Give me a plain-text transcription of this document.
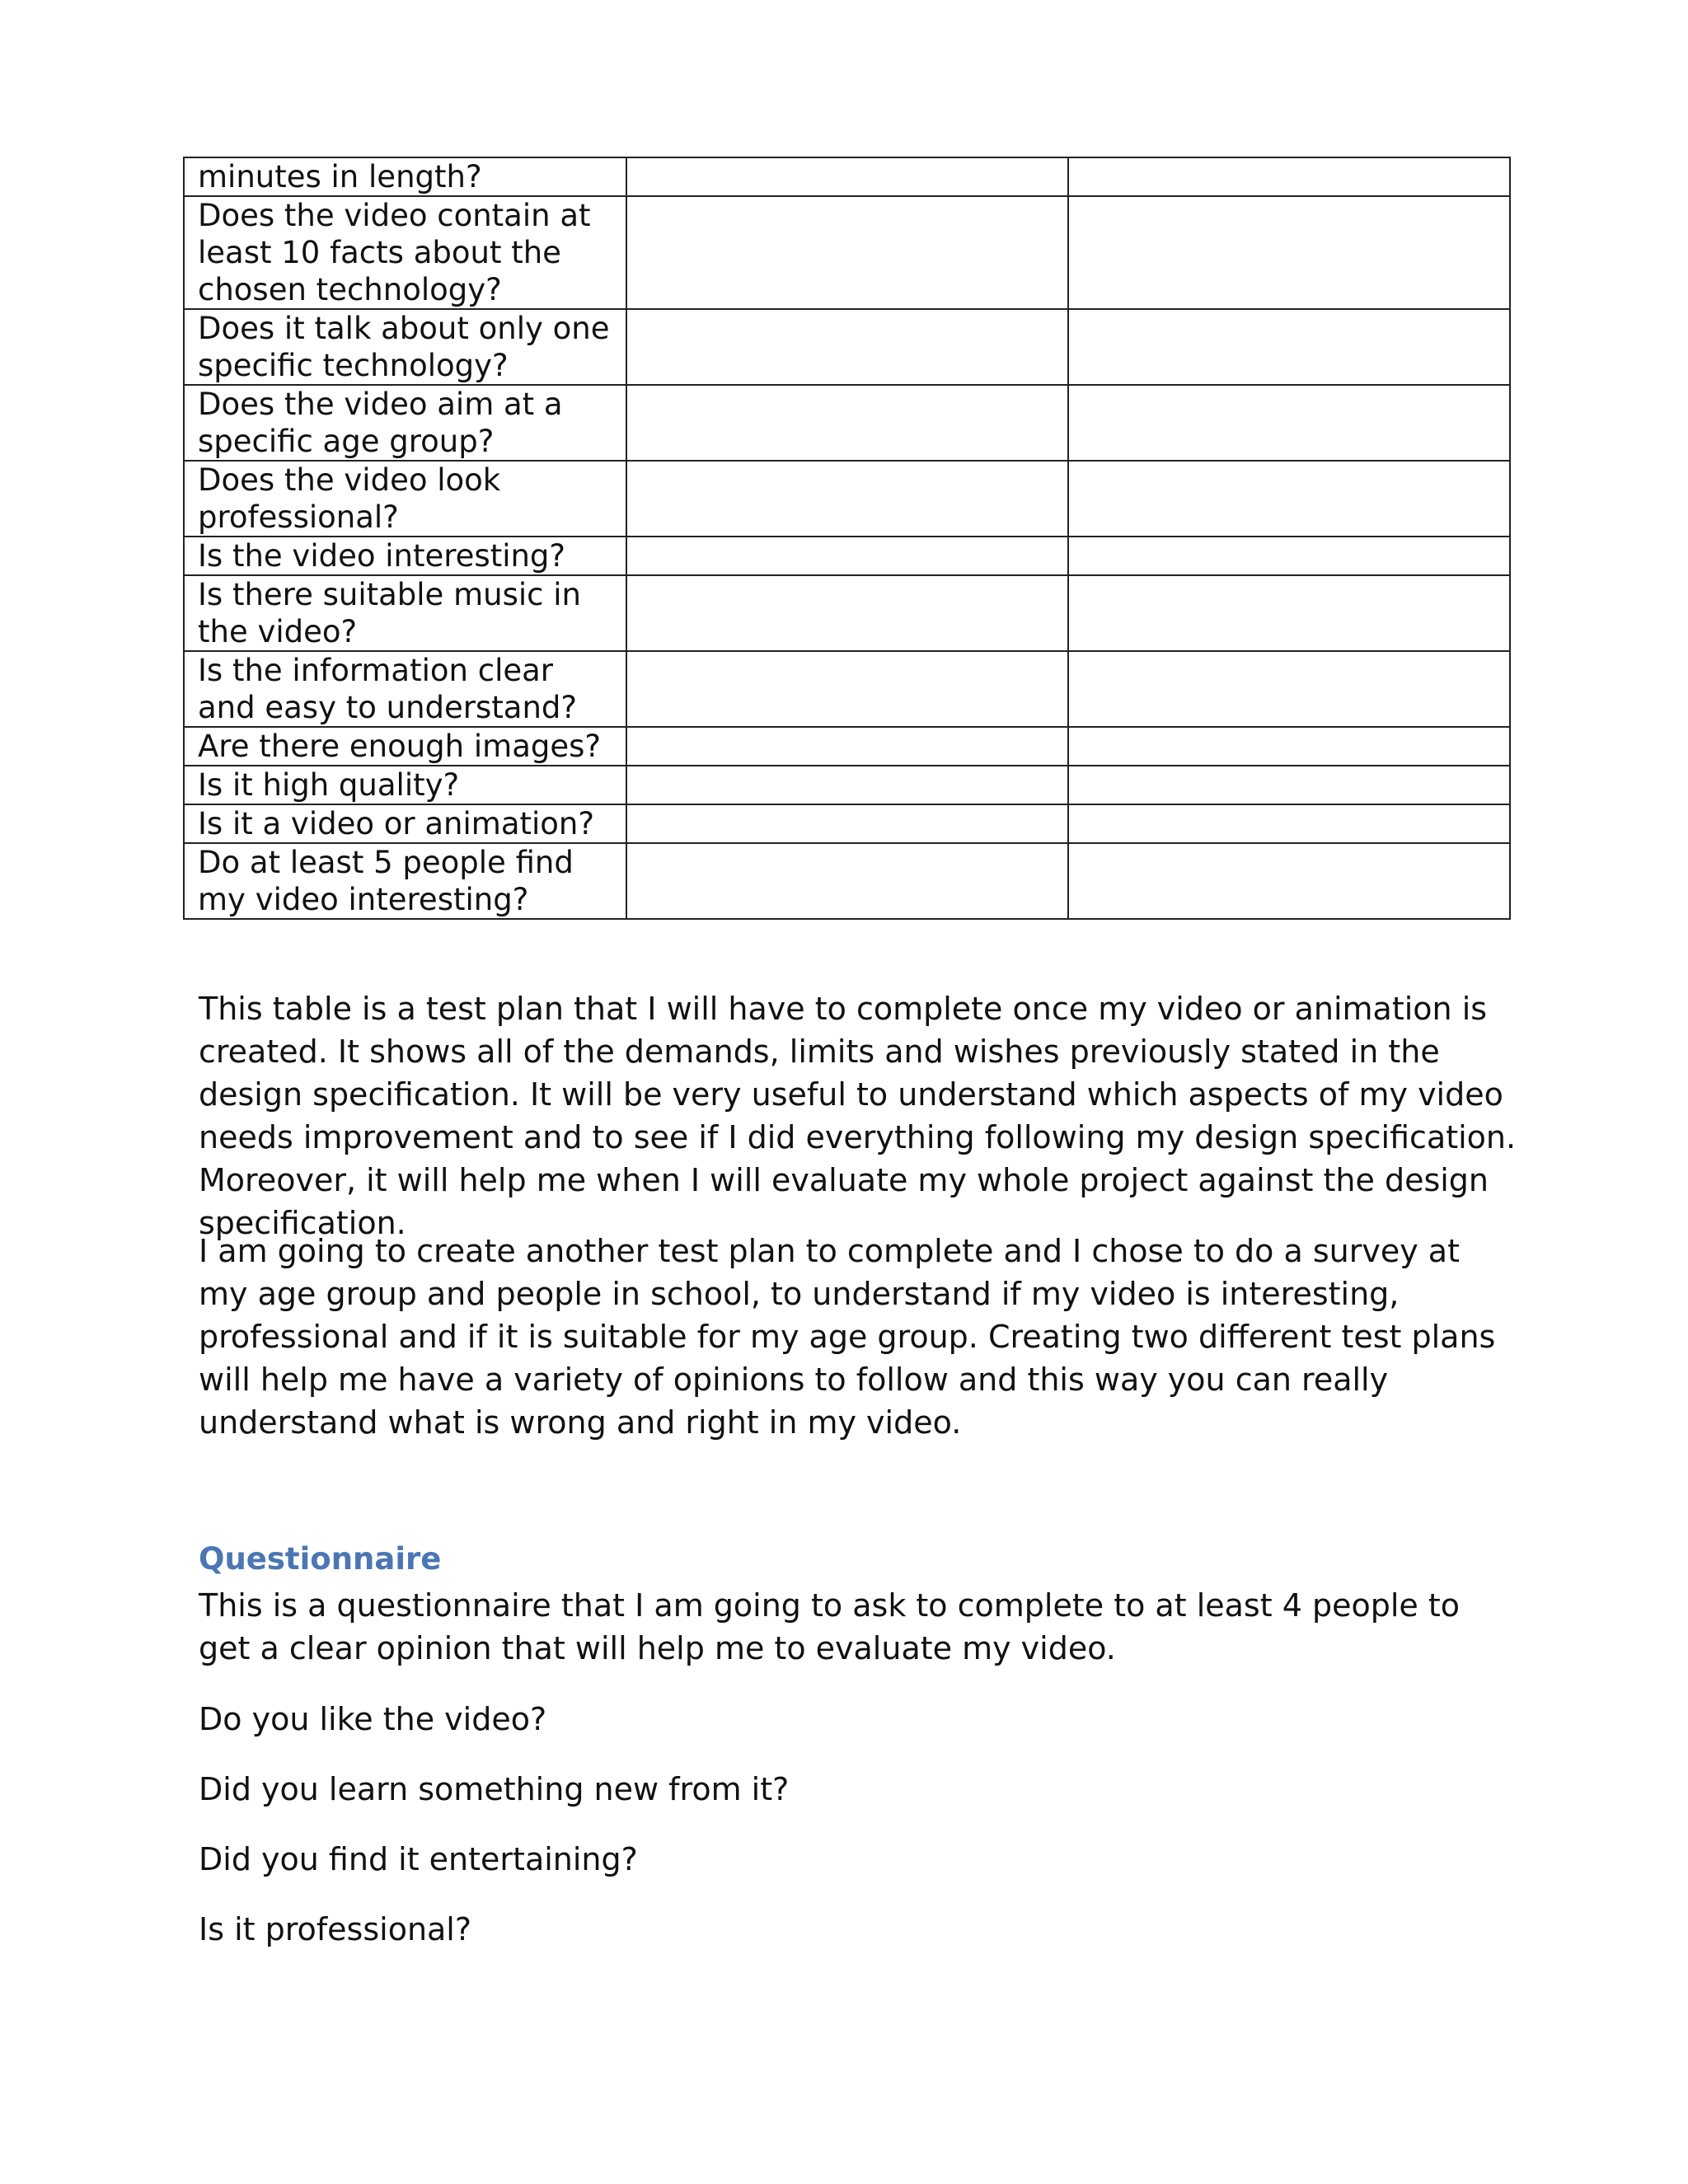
minutes in length?		
Does the video contain at least 10 facts about the chosen technology?		
Does it talk about only one specific technology?		
Does the video aim at a specific age group?		
Does the video look professional?		
Is the video interesting?		
Is there suitable music in the video?		
Is the information clear and easy to understand?		
Are there enough images?		
Is it high quality?		
Is it a video or animation?		
Do at least 5 people find my video interesting?		

This table is a test plan that I will have to complete once my video or animation is created. It shows all of the demands, limits and wishes previously stated in the design specification. It will be very useful to understand which aspects of my video needs improvement and to see if I did everything following my design specification. Moreover, it will help me when I will evaluate my whole project against the design specification.

I am going to create another test plan to complete and I chose to do a survey at my age group and people in school, to understand if my video is interesting, professional and if it is suitable for my age group. Creating two different test plans will help me have a variety of opinions to follow and this way you can really understand what is wrong and right in my video.

Questionnaire

This is a questionnaire that I am going to ask to complete to at least 4 people to get a clear opinion that will help me to evaluate my video.

Do you like the video?

Did you learn something new from it?

Did you find it entertaining?

Is it professional?
